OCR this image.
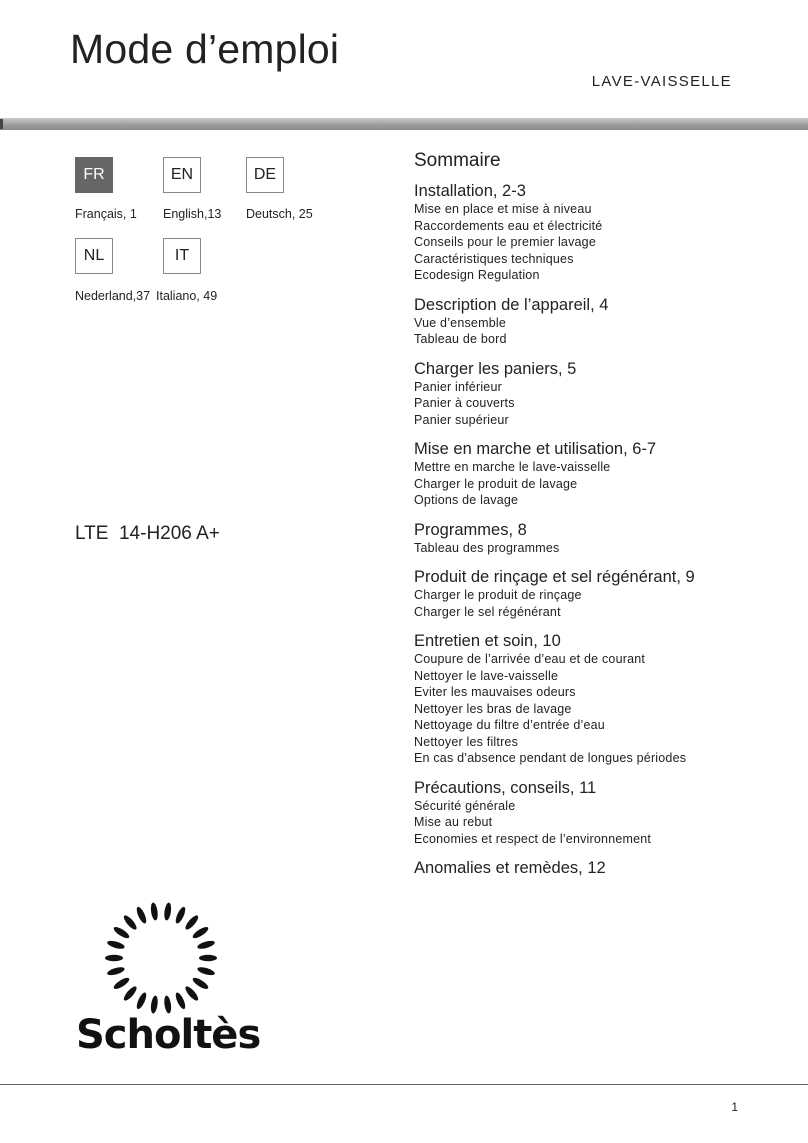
Mode d’emploi
LAVE-VAISSELLE
FR	EN	DE
Français, 1 English,13 Deutsch, 25
NL	IT
Nederland,37 Italiano, 49
LTE  14-H206 A+
Sommaire
Installation, 2-3
Mise en place et mise à niveau
Raccordements eau et électricité
Conseils pour le premier lavage
Caractéristiques techniques
Ecodesign Regulation
Description de l’appareil, 4
Vue d’ensemble
Tableau de bord
Charger les paniers, 5
Panier inférieur
Panier à couverts
Panier supérieur
Mise en marche et utilisation, 6-7
Mettre en marche le lave-vaisselle
Charger le produit de lavage
Options de lavage
Programmes, 8
Tableau des programmes
Produit de rinçage et sel régénérant, 9
Charger le produit de rinçage
Charger le sel régénérant
Entretien et soin, 10
Coupure de l’arrivée d’eau et de courant
Nettoyer le lave-vaisselle
Eviter les mauvaises odeurs
Nettoyer les bras de lavage
Nettoyage du filtre d’entrée d’eau
Nettoyer les filtres
En cas d’absence pendant de longues périodes
Précautions, conseils, 11
Sécurité générale
Mise au rebut
Economies et respect de l’environnement
Anomalies et remèdes, 12
Scholtès
1
